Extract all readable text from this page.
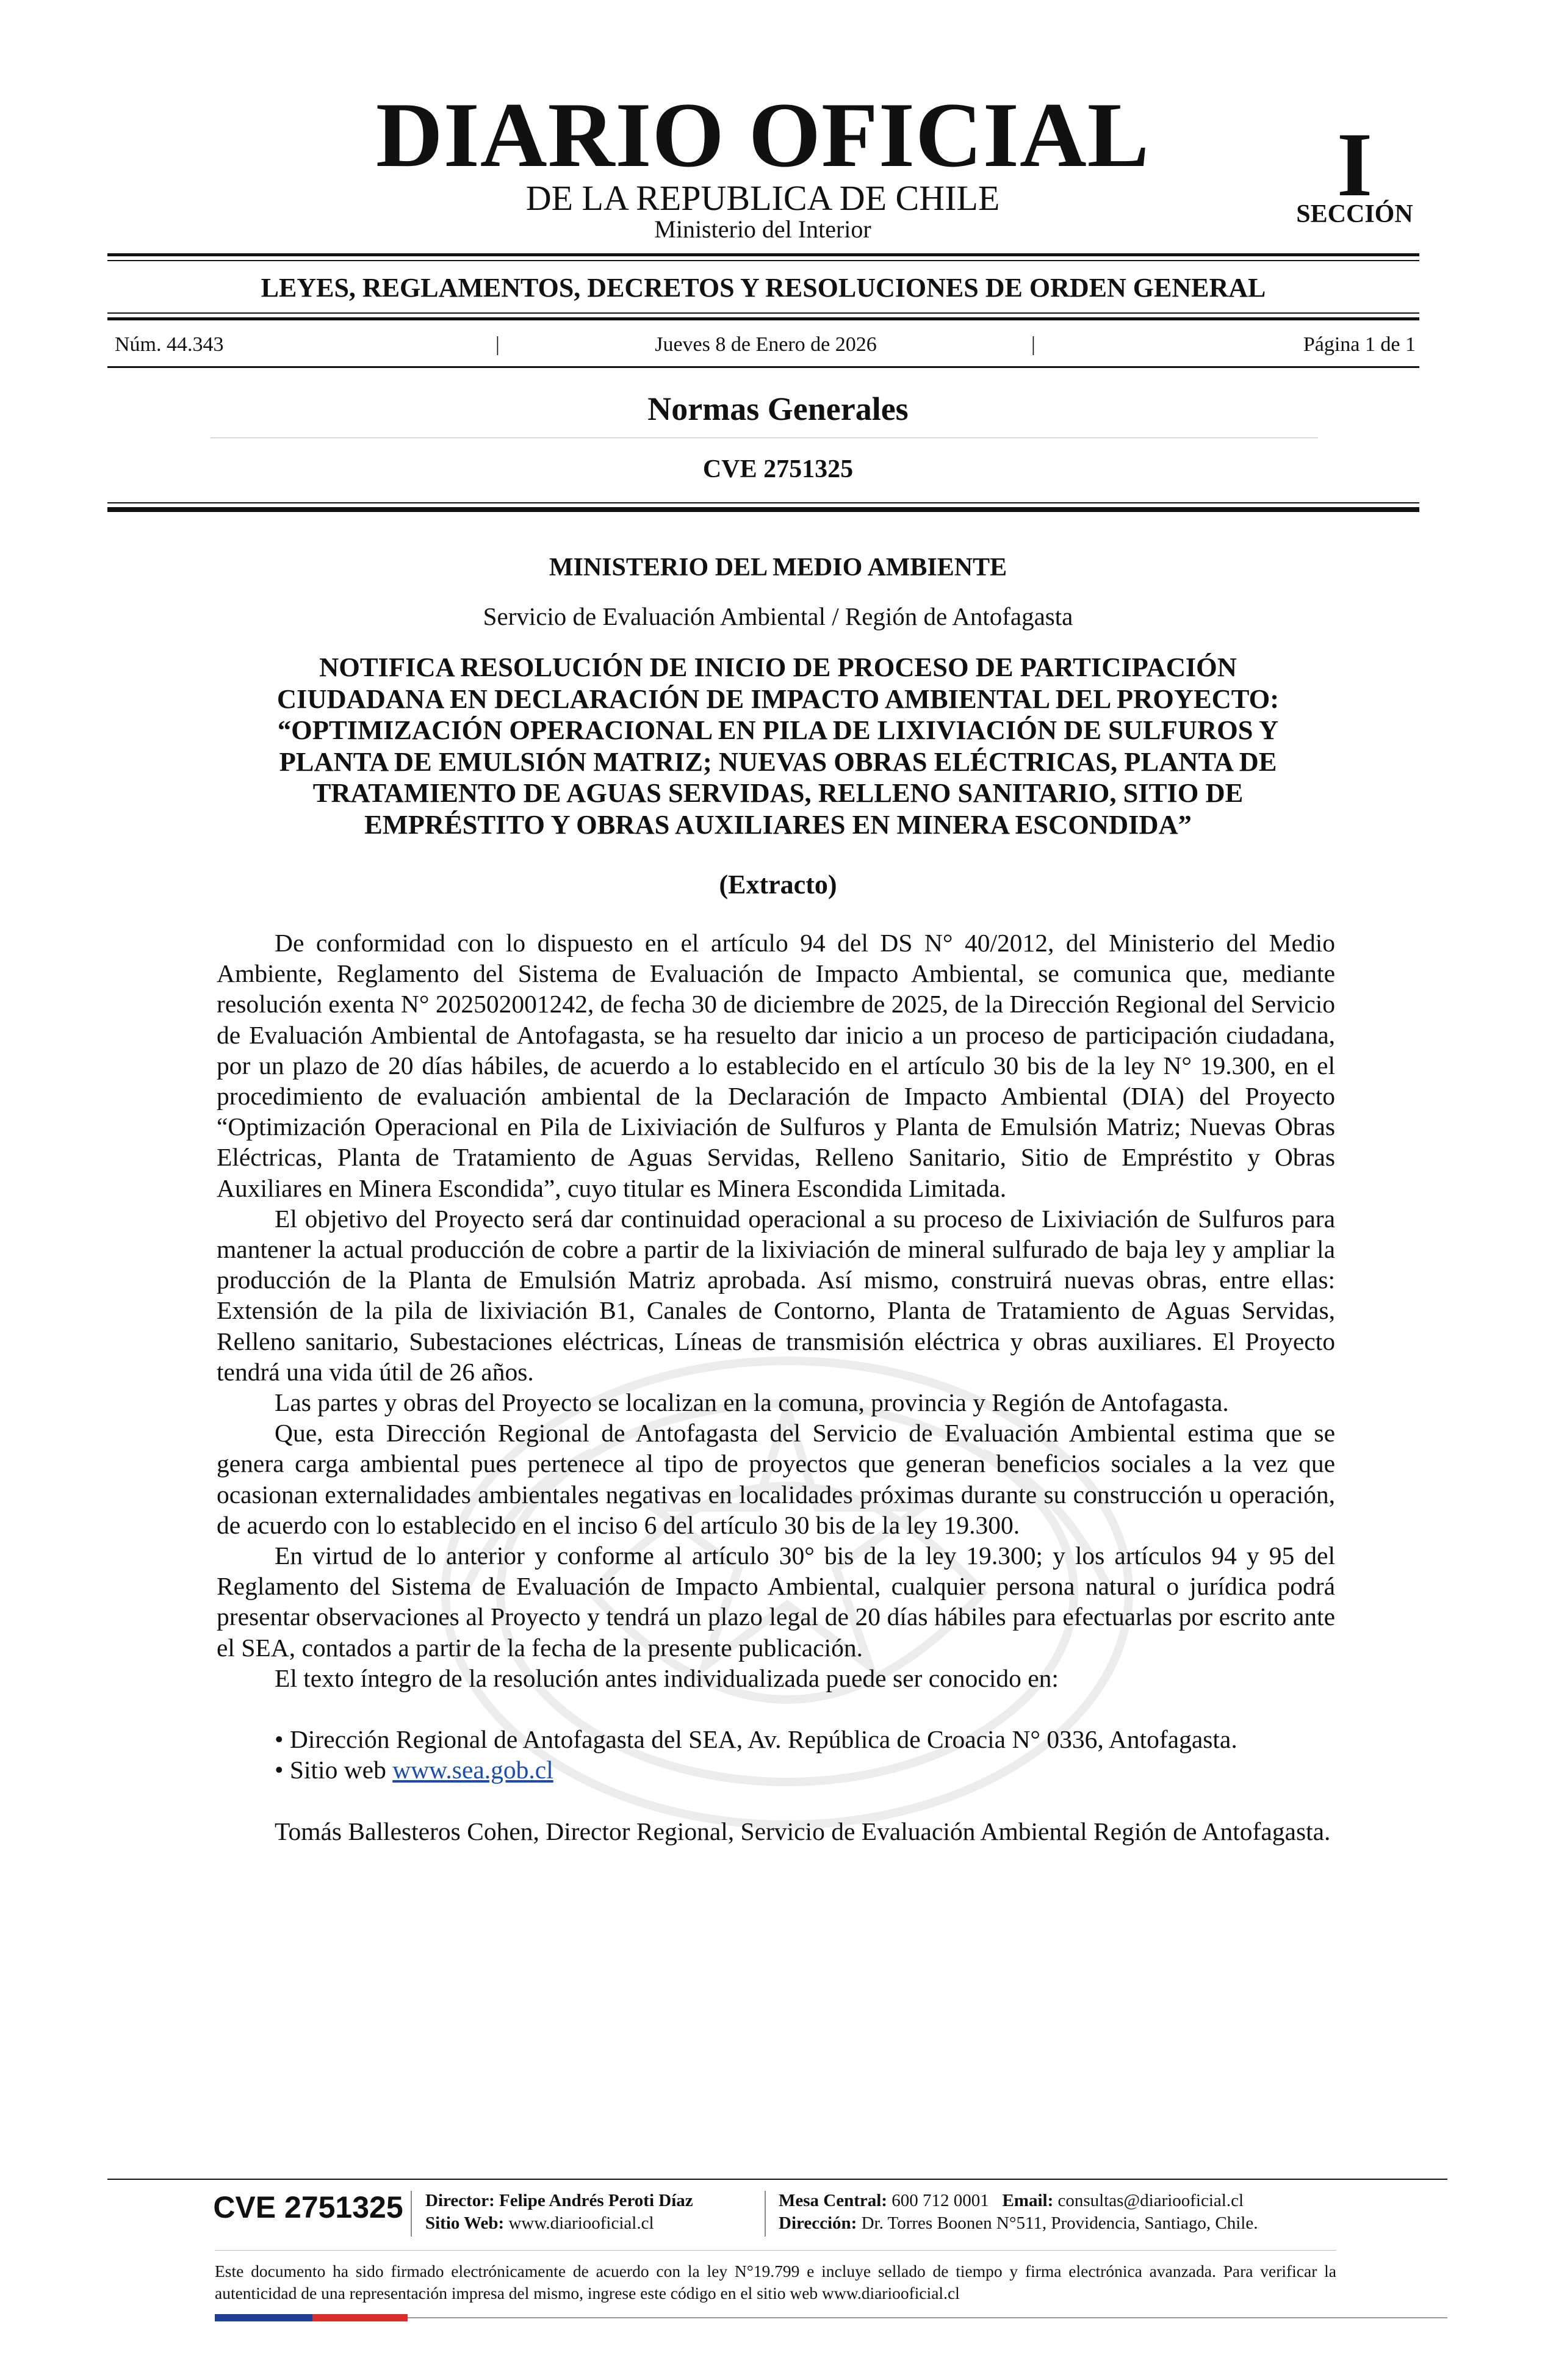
DIARIO OFICIAL
DE LA REPUBLICA DE CHILE
Ministerio del Interior
I
SECCIÓN
LEYES, REGLAMENTOS, DECRETOS Y RESOLUCIONES DE ORDEN GENERAL
Núm. 44.343	|	Jueves 8 de Enero de 2026	|	Página 1 de 1
Normas Generales
CVE 2751325
MINISTERIO DEL MEDIO AMBIENTE
Servicio de Evaluación Ambiental / Región de Antofagasta
NOTIFICA RESOLUCIÓN DE INICIO DE PROCESO DE PARTICIPACIÓN
CIUDADANA EN DECLARACIÓN DE IMPACTO AMBIENTAL DEL PROYECTO:
“OPTIMIZACIÓN OPERACIONAL EN PILA DE LIXIVIACIÓN DE SULFUROS Y
PLANTA DE EMULSIÓN MATRIZ; NUEVAS OBRAS ELÉCTRICAS, PLANTA DE
TRATAMIENTO DE AGUAS SERVIDAS, RELLENO SANITARIO, SITIO DE
EMPRÉSTITO Y OBRAS AUXILIARES EN MINERA ESCONDIDA”
(Extracto)

De conformidad con lo dispuesto en el artículo 94 del DS N° 40/2012, del Ministerio del Medio Ambiente, Reglamento del Sistema de Evaluación de Impacto Ambiental, se comunica que, mediante resolución exenta N° 202502001242, de fecha 30 de diciembre de 2025, de la Dirección Regional del Servicio de Evaluación Ambiental de Antofagasta, se ha resuelto dar inicio a un proceso de participación ciudadana, por un plazo de 20 días hábiles, de acuerdo a lo establecido en el artículo 30 bis de la ley N° 19.300, en el procedimiento de evaluación ambiental de la Declaración de Impacto Ambiental (DIA) del Proyecto “Optimización Operacional en Pila de Lixiviación de Sulfuros y Planta de Emulsión Matriz; Nuevas Obras Eléctricas, Planta de Tratamiento de Aguas Servidas, Relleno Sanitario, Sitio de Empréstito y Obras Auxiliares en Minera Escondida”, cuyo titular es Minera Escondida Limitada.

El objetivo del Proyecto será dar continuidad operacional a su proceso de Lixiviación de Sulfuros para mantener la actual producción de cobre a partir de la lixiviación de mineral sulfurado de baja ley y ampliar la producción de la Planta de Emulsión Matriz aprobada. Así mismo, construirá nuevas obras, entre ellas: Extensión de la pila de lixiviación B1, Canales de Contorno, Planta de Tratamiento de Aguas Servidas, Relleno sanitario, Subestaciones eléctricas, Líneas de transmisión eléctrica y obras auxiliares. El Proyecto tendrá una vida útil de 26 años.

Las partes y obras del Proyecto se localizan en la comuna, provincia y Región de Antofagasta.

Que, esta Dirección Regional de Antofagasta del Servicio de Evaluación Ambiental estima que se genera carga ambiental pues pertenece al tipo de proyectos que generan beneficios sociales a la vez que ocasionan externalidades ambientales negativas en localidades próximas durante su construcción u operación, de acuerdo con lo establecido en el inciso 6 del artículo 30 bis de la ley 19.300.

En virtud de lo anterior y conforme al artículo 30° bis de la ley 19.300; y los artículos 94 y 95 del Reglamento del Sistema de Evaluación de Impacto Ambiental, cualquier persona natural o jurídica podrá presentar observaciones al Proyecto y tendrá un plazo legal de 20 días hábiles para efectuarlas por escrito ante el SEA, contados a partir de la fecha de la presente publicación.

El texto íntegro de la resolución antes individualizada puede ser conocido en:

• Dirección Regional de Antofagasta del SEA, Av. República de Croacia N° 0336, Antofagasta.

• Sitio web www.sea.gob.cl

Tomás Ballesteros Cohen, Director Regional, Servicio de Evaluación Ambiental Región de Antofagasta.

CVE 2751325	Director: Felipe Andrés Peroti Díaz
Sitio Web: www.diariooficial.cl
Mesa Central: 600 712 0001 Email: consultas@diariooficial.cl
Dirección: Dr. Torres Boonen N°511, Providencia, Santiago, Chile.
Este documento ha sido firmado electrónicamente de acuerdo con la ley N°19.799 e incluye sellado de tiempo y firma electrónica avanzada. Para verificar la autenticidad de una representación impresa del mismo, ingrese este código en el sitio web www.diariooficial.cl
